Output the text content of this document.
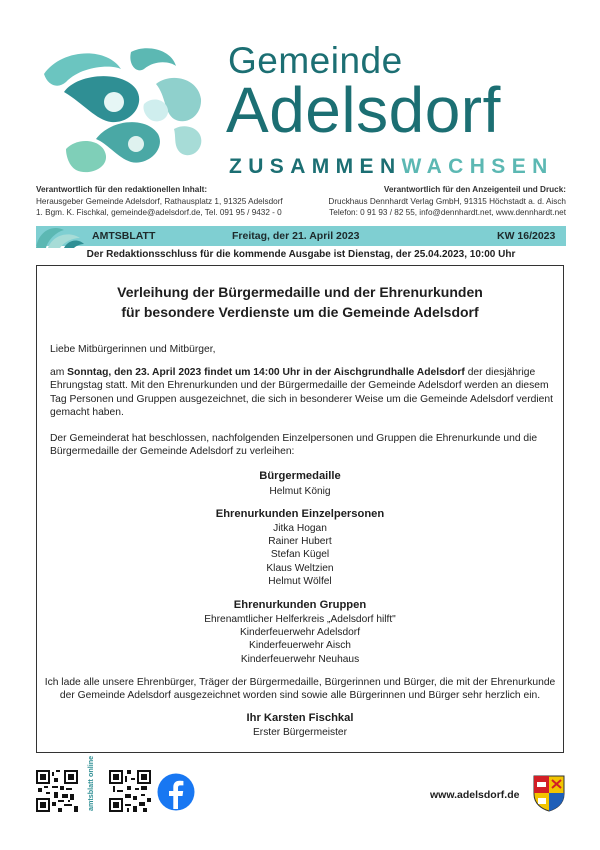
Gemeinde
Adelsdorf
ZUSAMMENWACHSEN
Verantwortlich für den redaktionellen Inhalt:
Herausgeber Gemeinde Adelsdorf, Rathausplatz 1, 91325 Adelsdorf
1. Bgm. K. Fischkal, gemeinde@adelsdorf.de, Tel. 091 95 / 9432 - 0
Verantwortlich für den Anzeigenteil und Druck:
Druckhaus Dennhardt Verlag GmbH, 91315 Höchstadt a. d. Aisch
Telefon: 0 91 93 / 82 55, info@dennhardt.net, www.dennhardt.net
AMTSBLATT	Freitag, der 21. April 2023	KW 16/2023
Der Redaktionsschluss für die kommende Ausgabe ist Dienstag, der 25.04.2023, 10:00 Uhr
Verleihung der Bürgermedaille und der Ehrenurkunden
für besondere Verdienste um die Gemeinde Adelsdorf
Liebe Mitbürgerinnen und Mitbürger,
am Sonntag, den 23. April 2023 findet um 14:00 Uhr in der Aischgrundhalle Adelsdorf der diesjährige Ehrungstag statt. Mit den Ehrenurkunden und der Bürgermedaille der Gemeinde Adelsdorf werden an diesem Tag Personen und Gruppen ausgezeichnet, die sich in besonderer Weise um die Gemeinde Adelsdorf verdient gemacht haben.
Der Gemeinderat hat beschlossen, nachfolgenden Einzelpersonen und Gruppen die Ehrenurkunde und die Bürgermedaille der Gemeinde Adelsdorf zu verleihen:
Bürgermedaille
Helmut König
Ehrenurkunden Einzelpersonen
Jitka Hogan
Rainer Hubert
Stefan Kügel
Klaus Weltzien
Helmut Wölfel
Ehrenurkunden Gruppen
Ehrenamtlicher Helferkreis „Adelsdorf hilft"
Kinderfeuerwehr Adelsdorf
Kinderfeuerwehr Aisch
Kinderfeuerwehr Neuhaus
Ich lade alle unsere Ehrenbürger, Träger der Bürgermedaille, Bürgerinnen und Bürger, die mit der Ehrenurkunde der Gemeinde Adelsdorf ausgezeichnet worden sind sowie alle Bürgerinnen und Bürger sehr herzlich ein.
Ihr Karsten Fischkal
Erster Bürgermeister
amtsblatt online	www.adelsdorf.de
